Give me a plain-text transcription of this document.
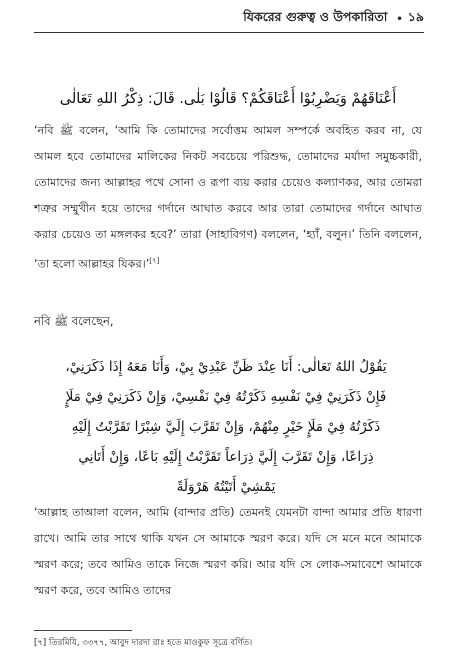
যিকরের গুরুত্ব ও উপকারিতা • ১৯
أَعْنَاقَهُمْ وَيَضْرِبُوْا أَعْنَاقَكُمْ؟ قَالُوْا بَلٰى. قَالَ: ذِكْرُ اللهِ تَعَالٰى

‘নবি ﷺ বলেন, ‘আমি কি তোমাদের সর্বোত্তম আমল সম্পর্কে অবহিত করব না, যে আমল হবে তোমাদের মালিকের নিকট সবচেয়ে পরিশুদ্ধ, তোমাদের মর্যাদা সমুচ্চকারী, তোমাদের জন্য আল্লাহর পথে সোনা ও রূপা ব্যয় করার চেয়েও কল্যাণকর, আর তোমরা শত্রুর সম্মুখীন হয়ে তাদের গর্দানে আঘাত করবে আর তারা তোমাদের গর্দানে আঘাত করার চেয়েও তা মঙ্গলকর হবে?’ তারা (সাহাবিগণ) বললেন, ‘হ্যাঁ, বলুন।’ তিনি বললেন, ‘তা হলো আল্লাহর যিকর।’[৭]

নবি ﷺ বলেছেন,
يَقُوْلُ اللهُ تَعَالٰى: أَنَا عِنْدَ ظَنِّ عَبْدِيْ بِيْ، وَأَنَا مَعَهُ إِذَا ذَكَرَنِيْ،
فَإِنْ ذَكَرَنِيْ فِيْ نَفْسِهِ ذَكَرْتُهُ فِيْ نَفْسِيْ، وَإِنْ ذَكَرَنِيْ فِيْ مَلَإٍ
ذَكَرْتُهُ فِيْ مَلَإٍ خَيْرٍ مِنْهُمْ، وَإِنْ تَقَرَّبَ إِلَيَّ شِبْرًا تَقَرَّبْتُ إِلَيْهِ
ذِرَاعًا، وَإِنْ تَقَرَّبَ إِلَيَّ ذِرَاعاً تَقَرَّبْتُ إِلَيْهِ بَاعًا، وَإِنْ أَتَانِي
يَمْشِيْ أَتَيْتُهُ هَرْوَلَةً

‘আল্লাহ তাআলা বলেন, আমি (বান্দার প্রতি) তেমনই যেমনটা বান্দা আমার প্রতি ধারণা রাখে। আমি তার সাথে থাকি যখন সে আমাকে স্মরণ করে। যদি সে মনে মনে আমাকে স্মরণ করে; তবে আমিও তাকে নিজে স্মরণ করি। আর যদি সে লোক-সমাবেশে আমাকে স্মরণ করে, তবে আমিও তাদের

[৭] তিরমিযি, ৩৩৭৭, আবুদ দারদা রাঃ হতে মাওকুফ সূত্রে বর্ণিত।
